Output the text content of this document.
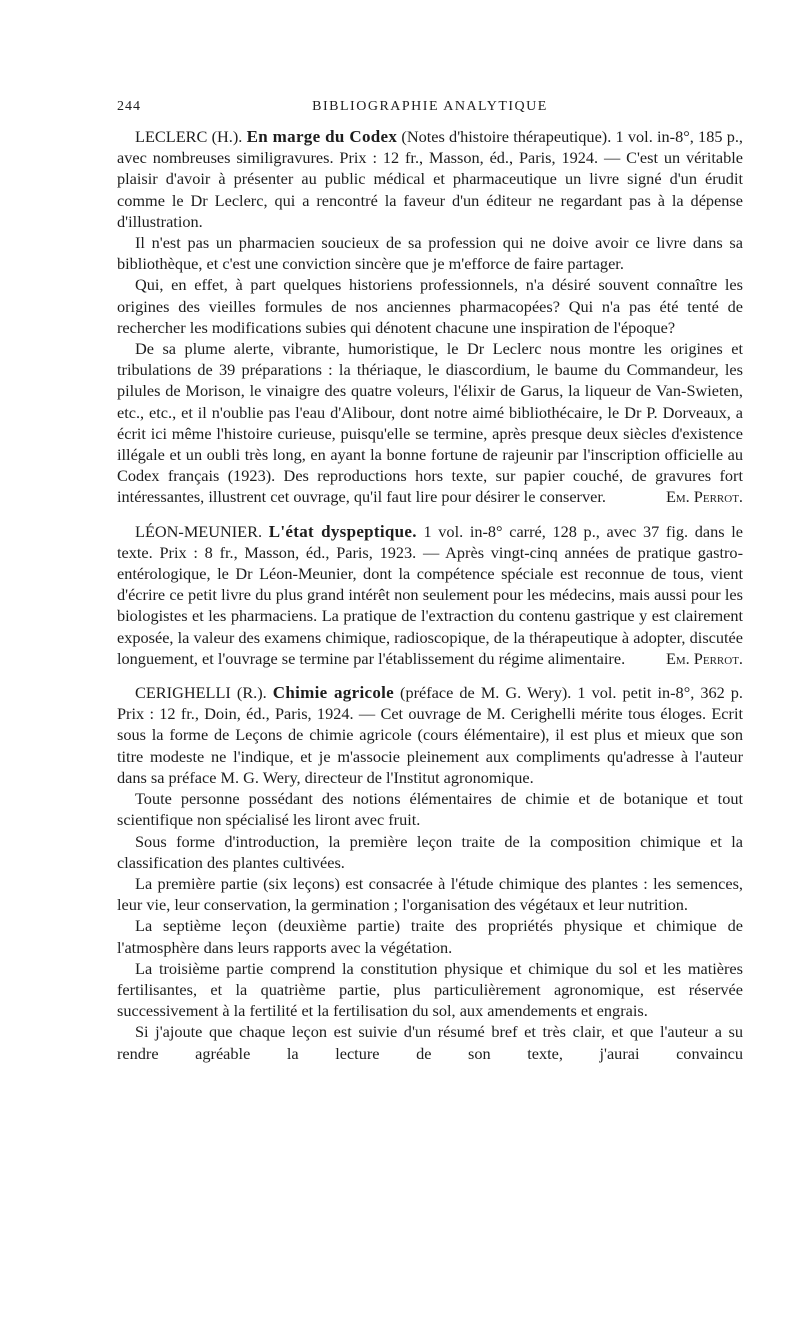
244	BIBLIOGRAPHIE ANALYTIQUE

LECLERC (H.). En marge du Codex (Notes d'histoire thérapeutique). 1 vol. in-8°, 185 p., avec nombreuses similigravures. Prix : 12 fr., Masson, éd., Paris, 1924. — C'est un véritable plaisir d'avoir à présenter au public médical et pharmaceutique un livre signé d'un érudit comme le Dr Leclerc, qui a rencontré la faveur d'un éditeur ne regardant pas à la dépense d'illustration.

Il n'est pas un pharmacien soucieux de sa profession qui ne doive avoir ce livre dans sa bibliothèque, et c'est une conviction sincère que je m'efforce de faire partager.

Qui, en effet, à part quelques historiens professionnels, n'a désiré souvent connaître les origines des vieilles formules de nos anciennes pharmacopées? Qui n'a pas été tenté de rechercher les modifications subies qui dénotent chacune une inspiration de l'époque?

De sa plume alerte, vibrante, humoristique, le Dr Leclerc nous montre les origines et tribulations de 39 préparations : la thériaque, le diascordium, le baume du Commandeur, les pilules de Morison, le vinaigre des quatre voleurs, l'élixir de Garus, la liqueur de Van-Swieten, etc., etc., et il n'oublie pas l'eau d'Alibour, dont notre aimé bibliothécaire, le Dr P. Dorveaux, a écrit ici même l'histoire curieuse, puisqu'elle se termine, après presque deux siècles d'existence illégale et un oubli très long, en ayant la bonne fortune de rajeunir par l'inscription officielle au Codex français (1923). Des reproductions hors texte, sur papier couché, de gravures fort intéressantes, illustrent cet ouvrage, qu'il faut lire pour désirer le conserver.	Em. Perrot.

LÉON-MEUNIER. L'état dyspeptique. 1 vol. in-8° carré, 128 p., avec 37 fig. dans le texte. Prix : 8 fr., Masson, éd., Paris, 1923. — Après vingt-cinq années de pratique gastro-entérologique, le Dr Léon-Meunier, dont la compétence spéciale est reconnue de tous, vient d'écrire ce petit livre du plus grand intérêt non seulement pour les médecins, mais aussi pour les biologistes et les pharmaciens. La pratique de l'extraction du contenu gastrique y est clairement exposée, la valeur des examens chimique, radioscopique, de la thérapeutique à adopter, discutée longuement, et l'ouvrage se termine par l'établissement du régime alimentaire.	Em. Perrot.

CERIGHELLI (R.). Chimie agricole (préface de M. G. Wery). 1 vol. petit in-8°, 362 p. Prix : 12 fr., Doin, éd., Paris, 1924. — Cet ouvrage de M. Cerighelli mérite tous éloges. Ecrit sous la forme de Leçons de chimie agricole (cours élémentaire), il est plus et mieux que son titre modeste ne l'indique, et je m'associe pleinement aux compliments qu'adresse à l'auteur dans sa préface M. G. Wery, directeur de l'Institut agronomique.

Toute personne possédant des notions élémentaires de chimie et de botanique et tout scientifique non spécialisé les liront avec fruit.

Sous forme d'introduction, la première leçon traite de la composition chimique et la classification des plantes cultivées.

La première partie (six leçons) est consacrée à l'étude chimique des plantes : les semences, leur vie, leur conservation, la germination ; l'organisation des végétaux et leur nutrition.

La septième leçon (deuxième partie) traite des propriétés physique et chimique de l'atmosphère dans leurs rapports avec la végétation.

La troisième partie comprend la constitution physique et chimique du sol et les matières fertilisantes, et la quatrième partie, plus particulièrement agronomique, est réservée successivement à la fertilité et la fertilisation du sol, aux amendements et engrais.

Si j'ajoute que chaque leçon est suivie d'un résumé bref et très clair, et que l'auteur a su rendre agréable la lecture de son texte, j'aurai convaincu
